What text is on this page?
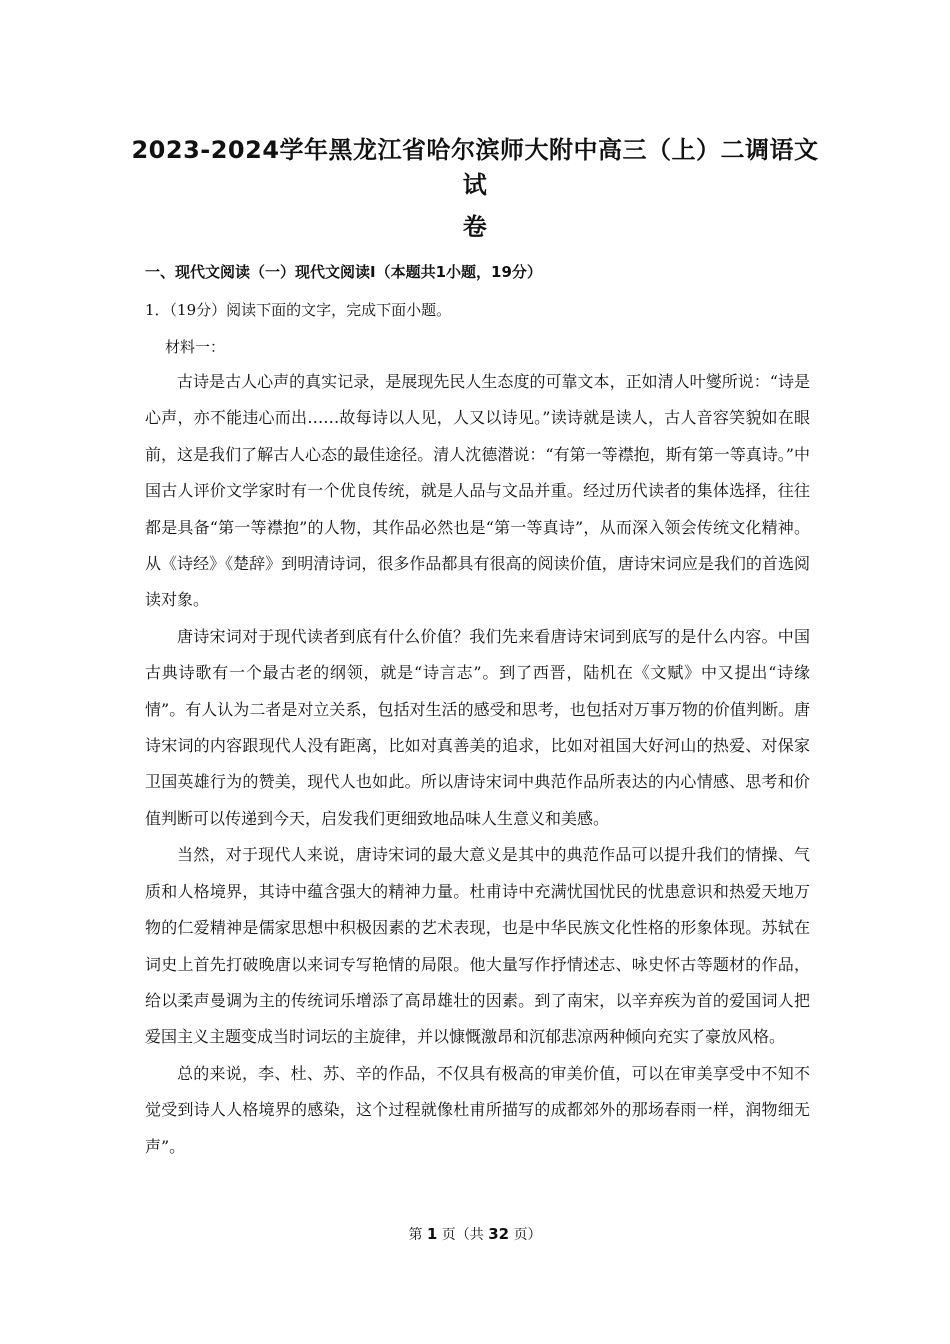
2023-2024学年黑龙江省哈尔滨师大附中高三（上）二调语文试
卷
一、现代文阅读（一）现代文阅读Ⅰ（本题共1小题，19分）
1．（19分）阅读下面的文字，完成下面小题。
材料一：

古诗是古人心声的真实记录，是展现先民人生态度的可靠文本，正如清人叶燮所说：“诗是心声，亦不能违心而出……故每诗以人见，人又以诗见。”读诗就是读人，古人音容笑貌如在眼前，这是我们了解古人心态的最佳途径。清人沈德潜说：“有第一等襟抱，斯有第一等真诗。”中国古人评价文学家时有一个优良传统，就是人品与文品并重。经过历代读者的集体选择，往往都是具备“第一等襟抱”的人物，其作品必然也是“第一等真诗”，从而深入领会传统文化精神。从《诗经》《楚辞》到明清诗词，很多作品都具有很高的阅读价值，唐诗宋词应是我们的首选阅读对象。

唐诗宋词对于现代读者到底有什么价值？我们先来看唐诗宋词到底写的是什么内容。中国古典诗歌有一个最古老的纲领，就是“诗言志”。到了西晋，陆机在《文赋》中又提出“诗缘情”。有人认为二者是对立关系，包括对生活的感受和思考，也包括对万事万物的价值判断。唐诗宋词的内容跟现代人没有距离，比如对真善美的追求，比如对祖国大好河山的热爱、对保家卫国英雄行为的赞美，现代人也如此。所以唐诗宋词中典范作品所表达的内心情感、思考和价值判断可以传递到今天，启发我们更细致地品味人生意义和美感。

当然，对于现代人来说，唐诗宋词的最大意义是其中的典范作品可以提升我们的情操、气质和人格境界，其诗中蕴含强大的精神力量。杜甫诗中充满忧国忧民的忧患意识和热爱天地万物的仁爱精神是儒家思想中积极因素的艺术表现，也是中华民族文化性格的形象体现。苏轼在词史上首先打破晚唐以来词专写艳情的局限。他大量写作抒情述志、咏史怀古等题材的作品，给以柔声曼调为主的传统词乐增添了高昂雄壮的因素。到了南宋，以辛弃疾为首的爱国词人把爱国主义主题变成当时词坛的主旋律，并以慷慨激昂和沉郁悲凉两种倾向充实了豪放风格。

总的来说，李、杜、苏、辛的作品，不仅具有极高的审美价值，可以在审美享受中不知不觉受到诗人人格境界的感染，这个过程就像杜甫所描写的成都郊外的那场春雨一样，润物细无声”。

第 1 页（共 32 页）
